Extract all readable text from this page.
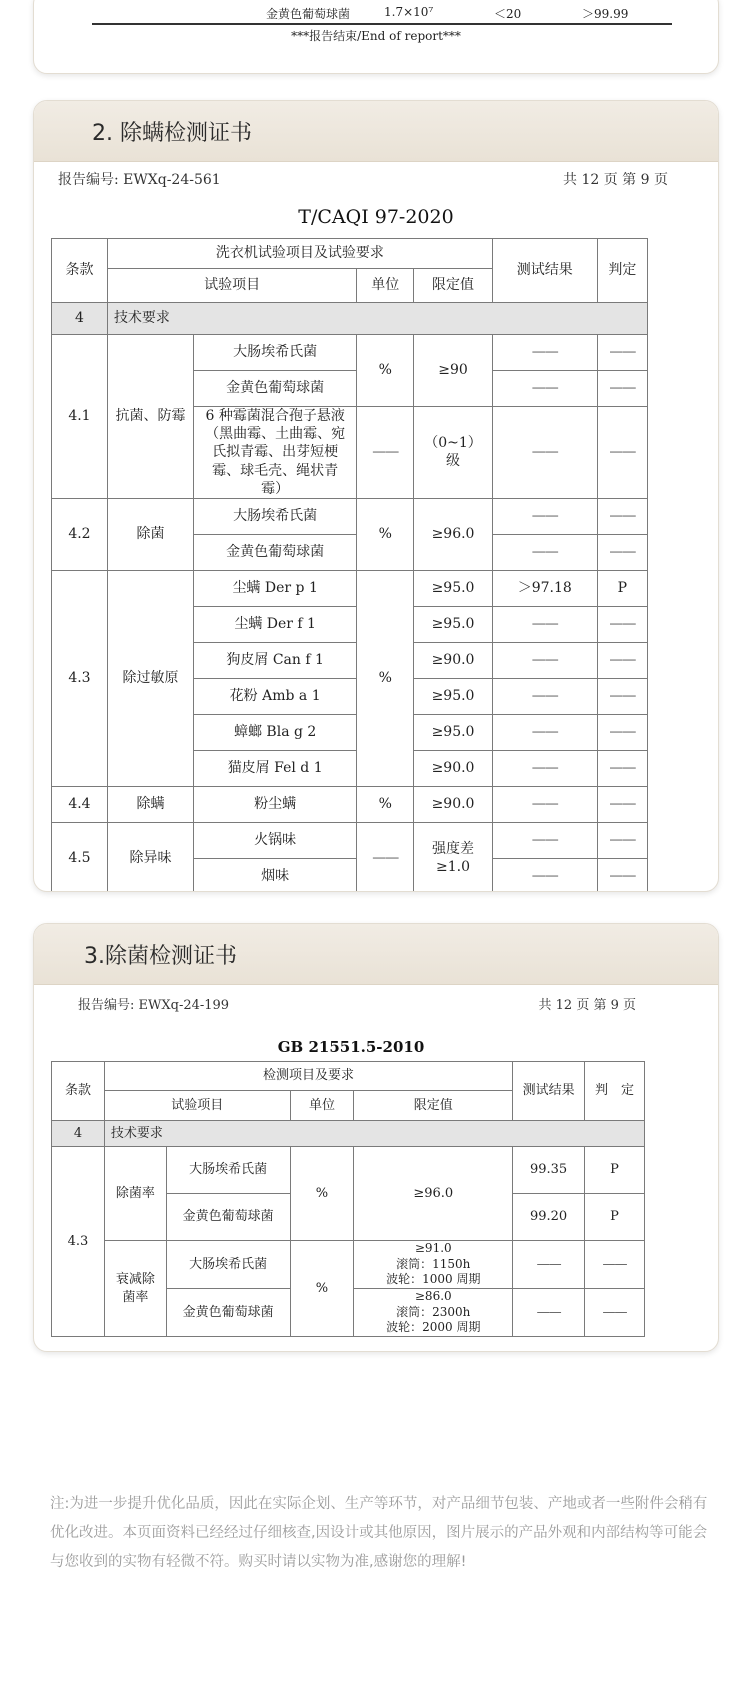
金黄色葡萄球菌	1.7×10⁷	＜20	＞99.99
***报告结束/End of report***
2. 除螨检测证书
报告编号: EWXq-24-561	共 12 页 第 9 页
T/CAQI 97-2020
条款	洗衣机试验项目及试验要求				测试结果	判定
	试验项目		单位	限定值		
4	技术要求					
4.1	抗菌、防霉	大肠埃希氏菌	%	≥90	——	——
		金黄色葡萄球菌			——	——
		6 种霉菌混合孢子悬液（黑曲霉、土曲霉、宛氏拟青霉、出芽短梗霉、球毛壳、绳状青霉）	——	（0~1）级	——	——
4.2	除菌	大肠埃希氏菌	%	≥96.0	——	——
		金黄色葡萄球菌			——	——
4.3	除过敏原	尘螨 Der p 1	%	≥95.0	＞97.18	P
		尘螨 Der f 1		≥95.0	——	——
		狗皮屑 Can f 1		≥90.0	——	——
		花粉 Amb a 1		≥95.0	——	——
		蟑螂 Bla g 2		≥95.0	——	——
		猫皮屑 Fel d 1		≥90.0	——	——
4.4	除螨	粉尘螨	%	≥90.0	——	——
4.5	除异味	火锅味	——	强度差≥1.0	——	——
		烟味			——	——
3.除菌检测证书
报告编号: EWXq-24-199	共 12 页 第 9 页
GB 21551.5-2010
条款	检测项目及要求				测试结果	判　定
	试验项目		单位	限定值		
4	技术要求					
4.3	除菌率	大肠埃希氏菌	%	≥96.0	99.35	P
		金黄色葡萄球菌			99.20	P
	衰减除菌率	大肠埃希氏菌	%	≥91.0
滚筒：1150h
波轮：1000 周期	——	——
		金黄色葡萄球菌		≥86.0
滚筒：2300h
波轮：2000 周期	——	——
注:为进一步提升优化品质，因此在实际企划、生产等环节，对产品细节包装、产地或者一些附件会稍有优化改进。本页面资料已经经过仔细核查,因设计或其他原因，图片展示的产品外观和内部结构等可能会与您收到的实物有轻微不符。购买时请以实物为准,感谢您的理解!
